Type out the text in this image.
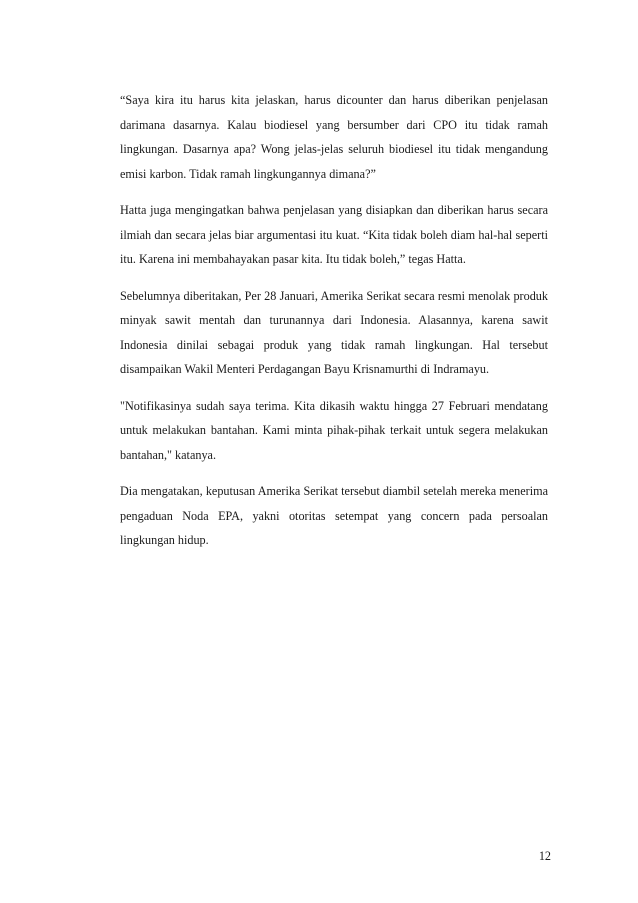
“Saya kira itu harus kita jelaskan, harus dicounter dan harus diberikan penjelasan darimana dasarnya. Kalau biodiesel yang bersumber dari CPO itu tidak ramah lingkungan. Dasarnya apa? Wong jelas-jelas seluruh biodiesel itu tidak mengandung emisi karbon. Tidak ramah lingkungannya dimana?”

Hatta juga mengingatkan bahwa penjelasan yang disiapkan dan diberikan harus secara ilmiah dan secara jelas biar argumentasi itu kuat. “Kita tidak boleh diam hal-hal seperti itu. Karena ini membahayakan pasar kita. Itu tidak boleh,” tegas Hatta.

Sebelumnya diberitakan, Per 28 Januari, Amerika Serikat secara resmi menolak produk minyak sawit mentah dan turunannya dari Indonesia. Alasannya, karena sawit Indonesia dinilai sebagai produk yang tidak ramah lingkungan. Hal tersebut disampaikan Wakil Menteri Perdagangan Bayu Krisnamurthi di Indramayu.

"Notifikasinya sudah saya terima. Kita dikasih waktu hingga 27 Februari mendatang untuk melakukan bantahan. Kami minta pihak-pihak terkait untuk segera melakukan bantahan," katanya.

Dia mengatakan, keputusan Amerika Serikat tersebut diambil setelah mereka menerima pengaduan Noda EPA, yakni otoritas setempat yang concern pada persoalan lingkungan hidup.

12
